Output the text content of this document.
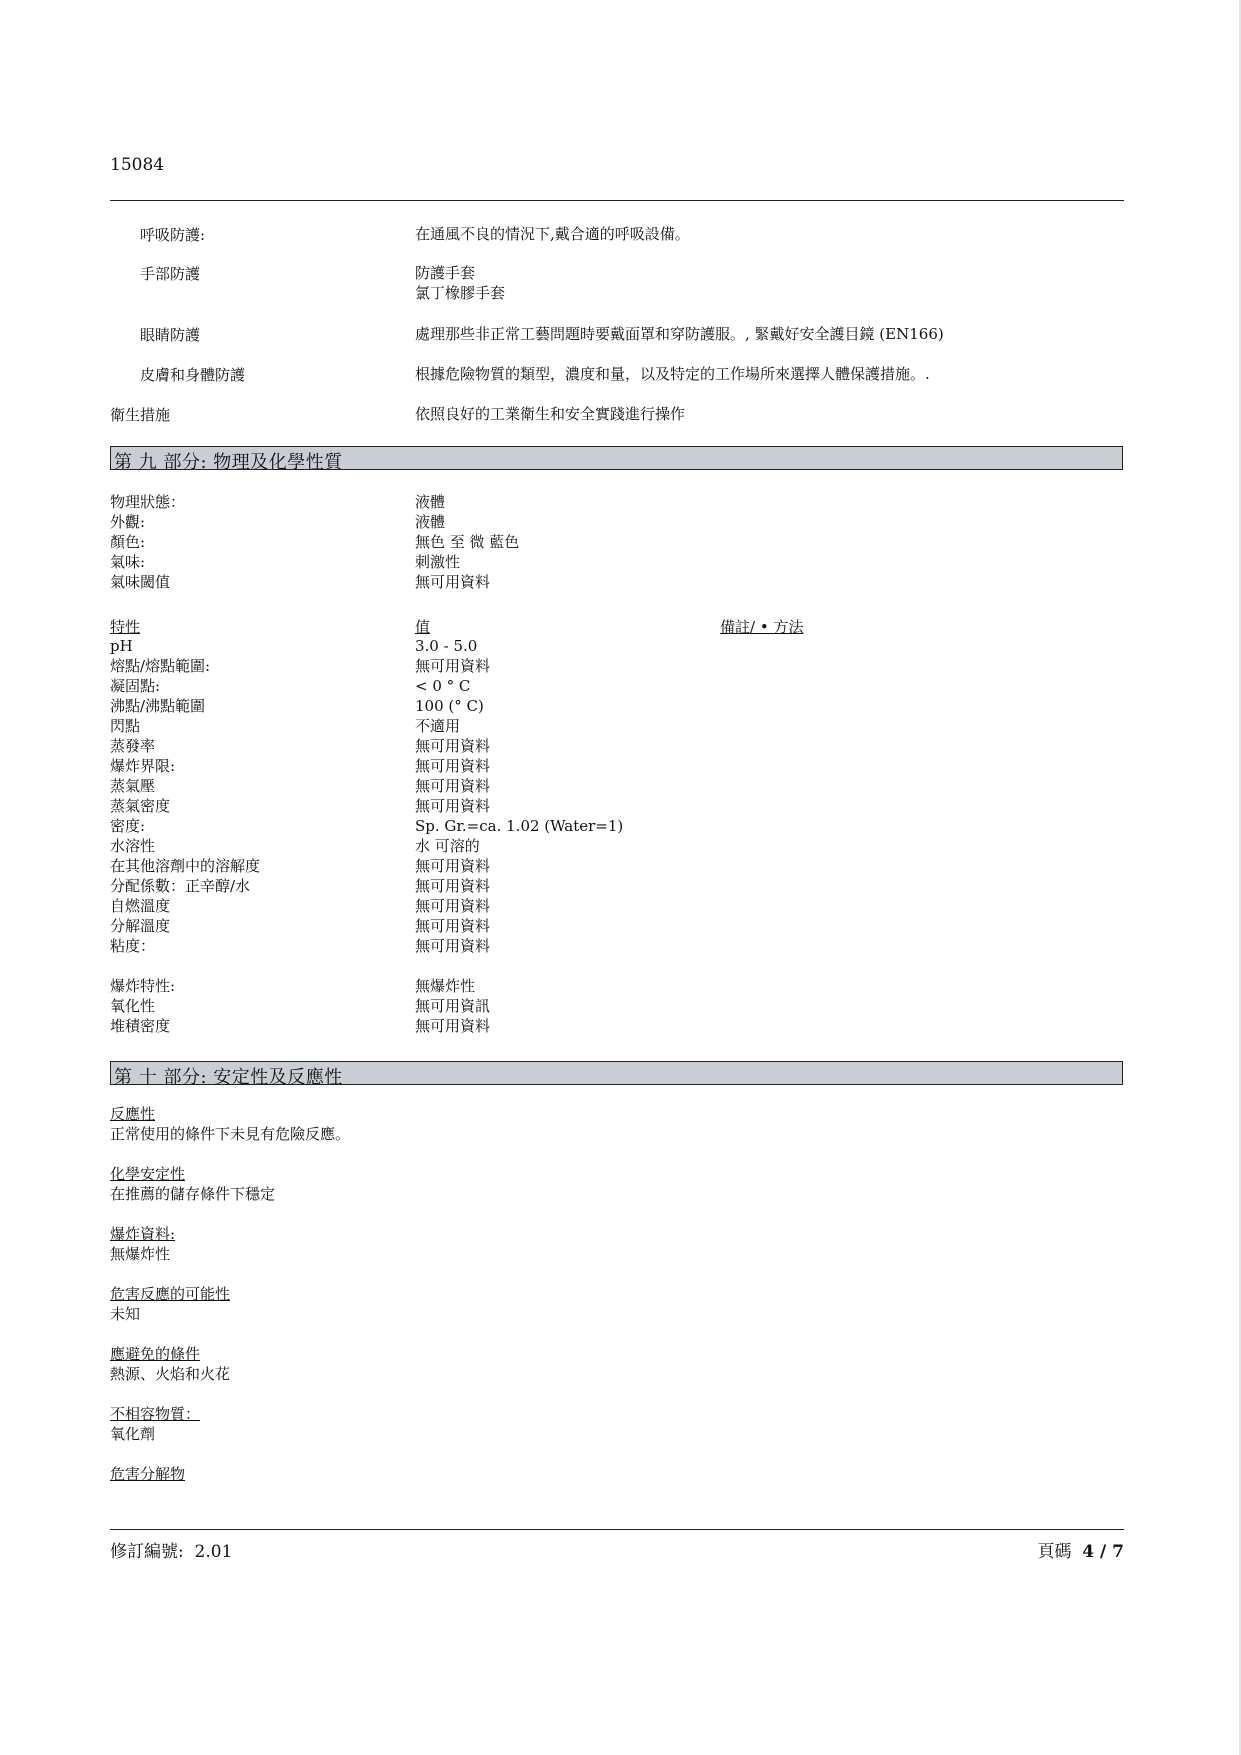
15084
呼吸防護:	在通風不良的情況下,戴合適的呼吸設備。
手部防護	防護手套
氯丁橡膠手套
眼睛防護	處理那些非正常工藝問題時要戴面罩和穿防護服。, 緊戴好安全護目鏡 (EN166)
皮膚和身體防護	根據危險物質的類型，濃度和量，以及特定的工作場所來選擇人體保護措施。.
衛生措施	依照良好的工業衛生和安全實踐進行操作
第 九 部分: 物理及化學性質
物理狀態：	液體
外觀:	液體
顏色:	無色 至 微 藍色
氣味:	刺激性
氣味閾值	無可用資料
特性	值	備註/ • 方法
pH	3.0 - 5.0
熔點/熔點範圍:	無可用資料
凝固點:	< 0 ° C
沸點/沸點範圍	100 (° C)
閃點	不適用
蒸發率	無可用資料
爆炸界限:	無可用資料
蒸氣壓	無可用資料
蒸氣密度	無可用資料
密度:	Sp. Gr.=ca. 1.02 (Water=1)
水溶性	水 可溶的
在其他溶劑中的溶解度	無可用資料
分配係數：正辛醇/水	無可用資料
自燃溫度	無可用資料
分解溫度	無可用資料
粘度：	無可用資料
爆炸特性:	無爆炸性
氧化性	無可用資訊
堆積密度	無可用資料
第 十 部分: 安定性及反應性
反應性
正常使用的條件下未見有危險反應。
化學安定性
在推薦的儲存條件下穩定
爆炸資料:
無爆炸性
危害反應的可能性
未知
應避免的條件
熱源、火焰和火花
不相容物質：
氧化劑
危害分解物
修訂編號: 2.01	頁碼 4 / 7
